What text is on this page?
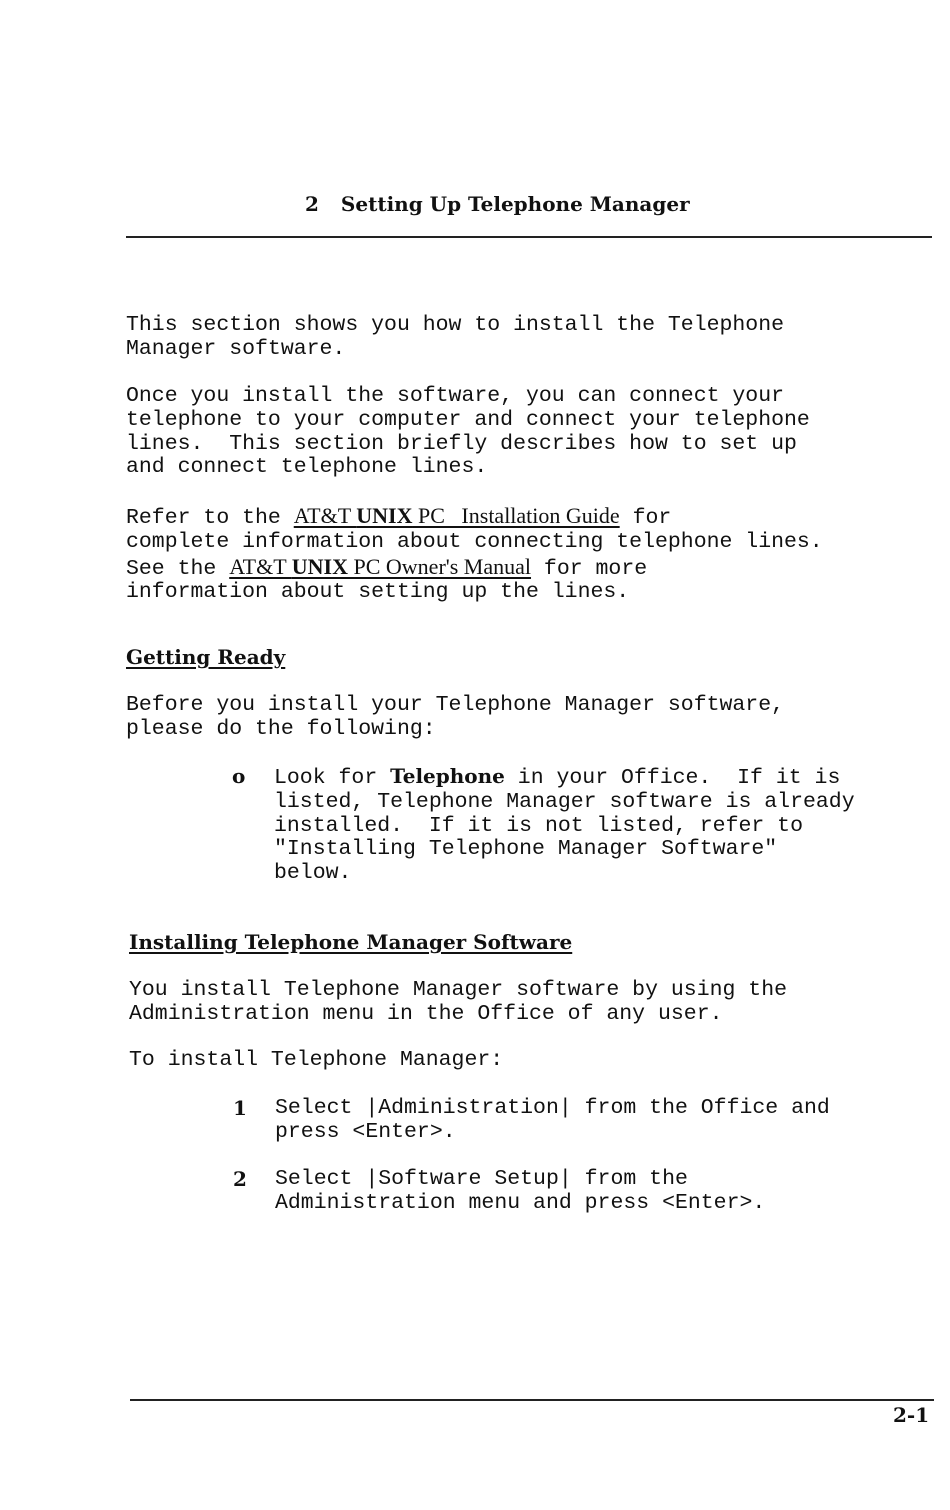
2 Setting Up Telephone Manager
This section shows you how to install the Telephone
Manager software.
Once you install the software, you can connect your
telephone to your computer and connect your telephone
lines.  This section briefly describes how to set up
and connect telephone lines.
Refer to the AT&T UNIX PC   Installation Guide for
complete information about connecting telephone lines.
See the AT&T UNIX PC Owner's Manual for more
information about setting up the lines.
Getting Ready
Before you install your Telephone Manager software,
please do the following:
o	Look for Telephone in your Office.  If it is
listed, Telephone Manager software is already
installed.  If it is not listed, refer to
"Installing Telephone Manager Software"
below.
Installing Telephone Manager Software
You install Telephone Manager software by using the
Administration menu in the Office of any user.
To install Telephone Manager:
1	Select |Administration| from the Office and
press <Enter>.
2	Select |Software Setup| from the
Administration menu and press <Enter>.
2-1
